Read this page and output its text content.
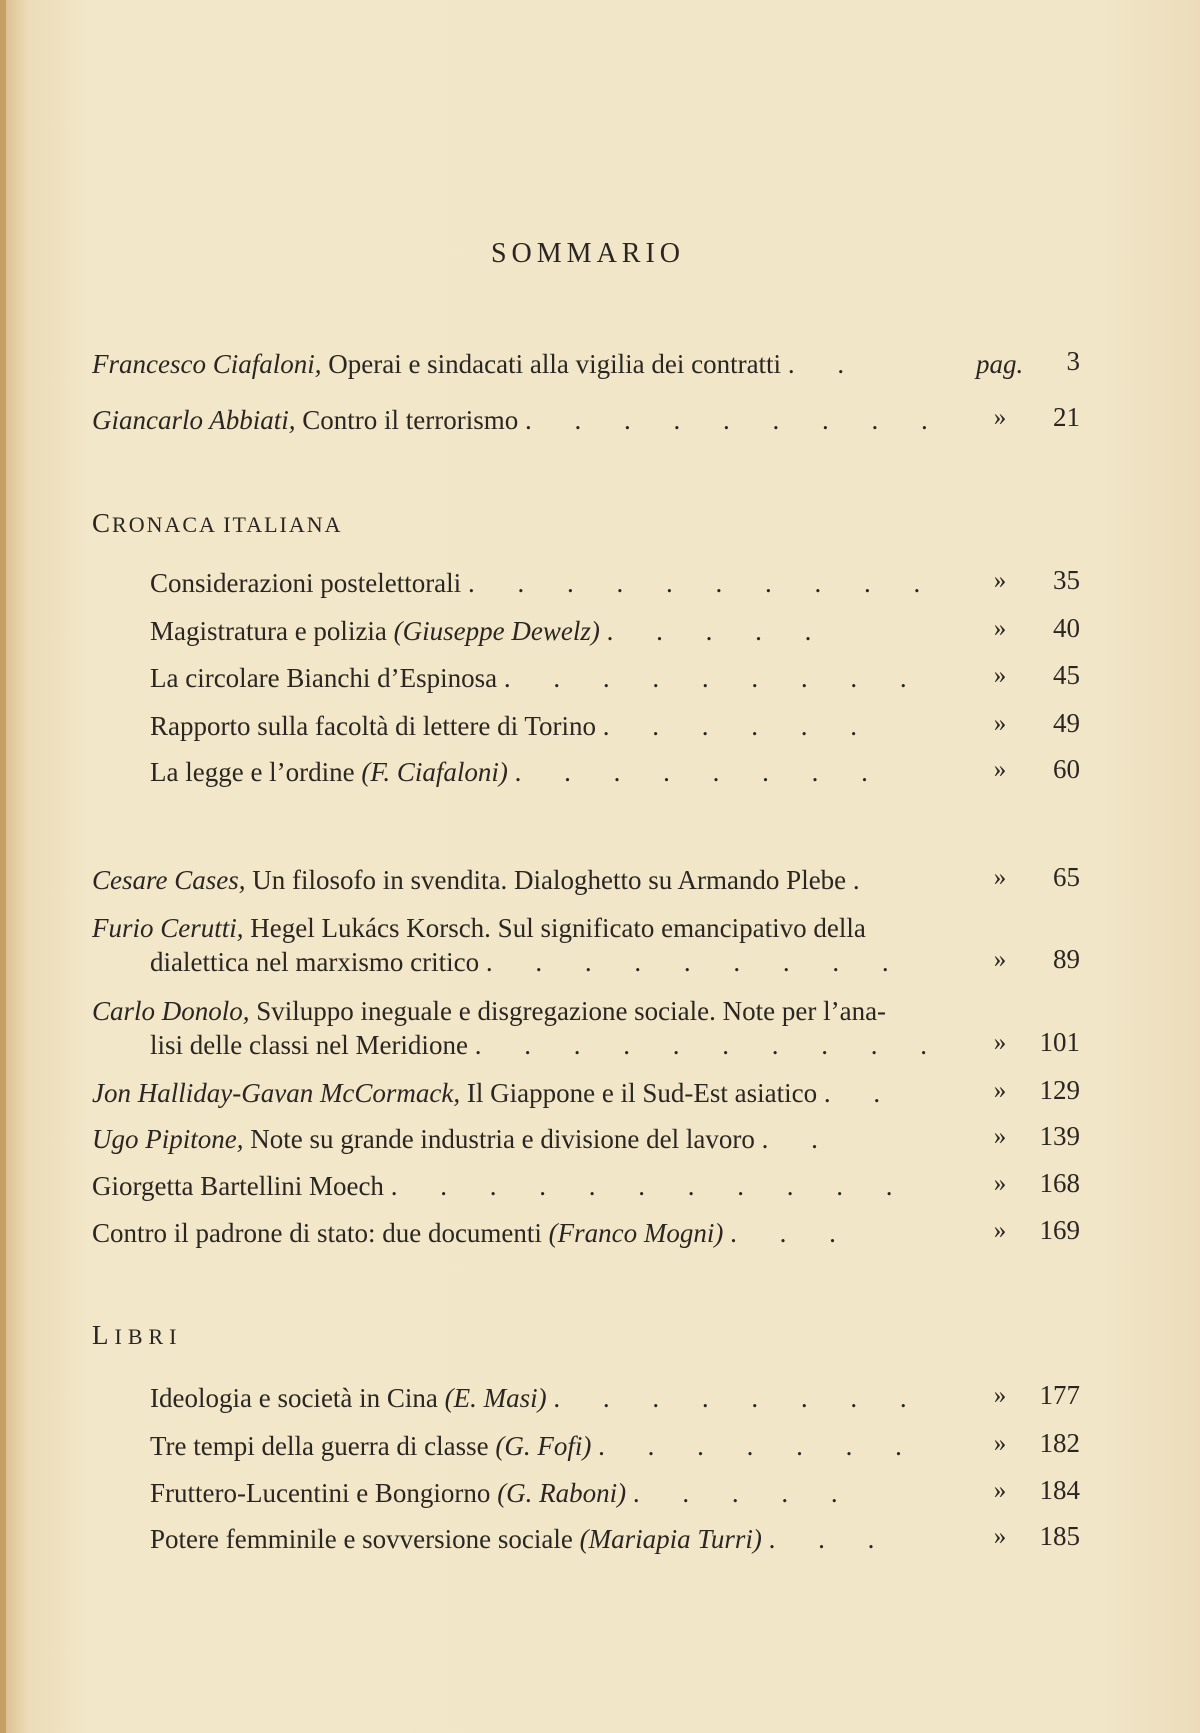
SOMMARIO
Francesco Ciafaloni, Operai e sindacati alla vigilia dei contratti . .	pag. 3
Giancarlo Abbiati, Contro il terrorismo . . . . . . . . . » 21
CRONACA ITALIANA
Considerazioni postelettorali . . . . . . . . . . » 35
Magistratura e polizia (Giuseppe Dewelz) . . . . .	» 40
La circolare Bianchi d’Espinosa . . . . . . . . .	» 45
Rapporto sulla facoltà di lettere di Torino . . . . . .	» 49
La legge e l’ordine (F. Ciafaloni) . . . . . . . .	» 60
Cesare Cases, Un filosofo in svendita. Dialoghetto su Armando Plebe .	» 65
Furio Cerutti, Hegel Lukács Korsch. Sul significato emancipativo della
dialettica nel marxismo critico . . . . . . . . .	» 89
Carlo Donolo, Sviluppo ineguale e disgregazione sociale. Note per l’ana-
lisi delle classi nel Meridione . . . . . . . . . . » 101
Jon Halliday-Gavan McCormack, Il Giappone e il Sud-Est asiatico . .	» 129
Ugo Pipitone, Note su grande industria e divisione del lavoro . .	» 139
Giorgetta Bartellini Moech . . . . . . . . . . .	» 168
Contro il padrone di stato: due documenti (Franco Mogni) . . .	» 169
LIBRI
Ideologia e società in Cina (E. Masi) . . . . . . . .	» 177
Tre tempi della guerra di classe (G. Fofi) . . . . . . .	» 182
Fruttero-Lucentini e Bongiorno (G. Raboni) . . . . .	» 184
Potere femminile e sovversione sociale (Mariapia Turri) . . .	» 185
